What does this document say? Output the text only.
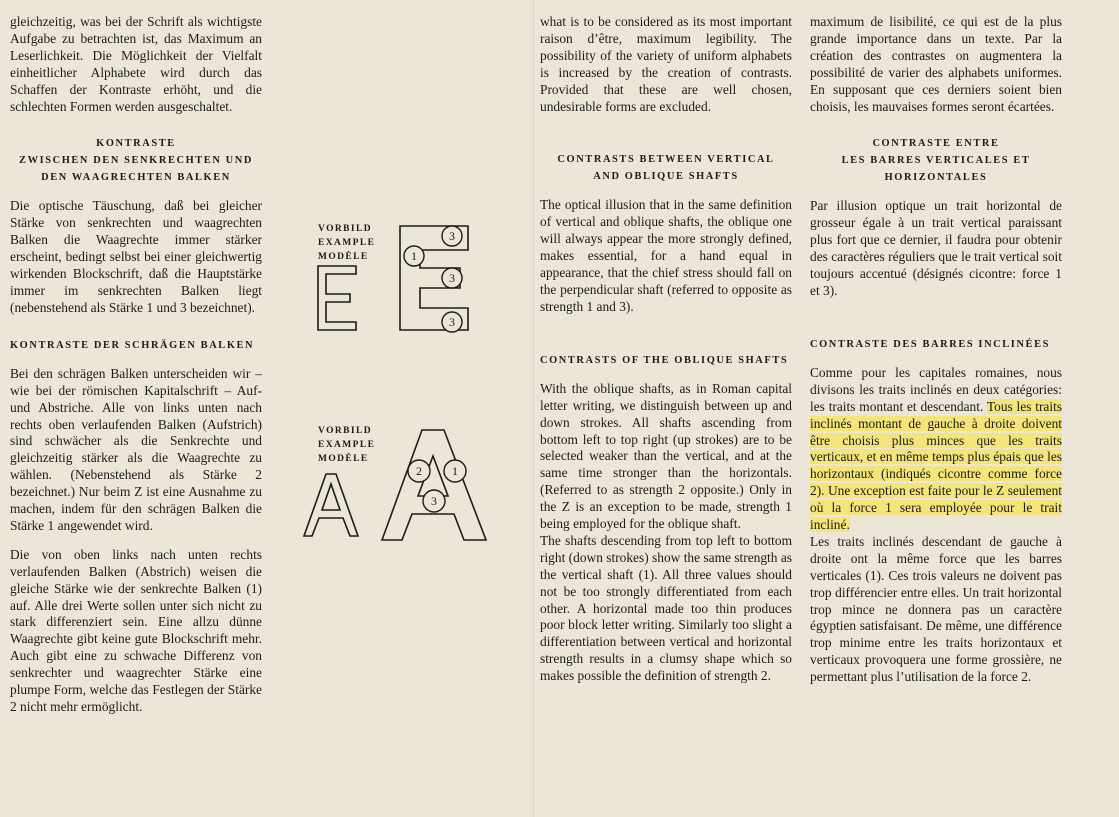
gleichzeitig, was bei der Schrift als wichtigste Aufgabe zu betrachten ist, das Maximum an Leserlichkeit. Die Möglichkeit der Vielfalt einheitlicher Alphabete wird durch das Schaffen der Kontraste erhöht, und die schlechten Formen werden ausgeschaltet.

KONTRASTE
ZWISCHEN DEN SENKRECHTEN UND
DEN WAAGRECHTEN BALKEN

Die optische Täuschung, daß bei gleicher Stärke von senkrechten und waagrechten Balken die Waagrechte immer stärker erscheint, bedingt selbst bei einer gleichwertig wirkenden Blockschrift, daß die Hauptstärke immer im senkrechten Balken liegt (nebenstehend als Stärke 1 und 3 bezeichnet).

KONTRASTE DER SCHRÄGEN BALKEN

Bei den schrägen Balken unterscheiden wir – wie bei der römischen Kapitalschrift – Auf- und Abstriche. Alle von links unten nach rechts oben verlaufenden Balken (Aufstrich) sind schwächer als die Senkrechte und gleichzeitig stärker als die Waagrechte zu wählen. (Nebenstehend als Stärke 2 bezeichnet.) Nur beim Z ist eine Ausnahme zu machen, indem für den schrägen Balken die Stärke 1 angewendet wird.

Die von oben links nach unten rechts verlaufenden Balken (Abstrich) weisen die gleiche Stärke wie der senkrechte Balken (1) auf. Alle drei Werte sollen unter sich nicht zu stark differenziert sein. Eine allzu dünne Waagrechte gibt keine gute Blockschrift mehr. Auch gibt eine zu schwache Differenz von senkrechter und waagrechter Stärke eine plumpe Form, welche das Festlegen der Stärke 2 nicht mehr ermöglicht.

VORBILD
EXAMPLE
MODÈLE	1
3
3
3
VORBILD
EXAMPLE
MODÈLE
2	1
3

what is to be considered as its most important raison d’être, maximum legibility. The possibility of the variety of uniform alphabets is increased by the creation of contrasts. Provided that these are well chosen, undesirable forms are excluded.

CONTRASTS BETWEEN VERTICAL
AND OBLIQUE SHAFTS

The optical illusion that in the same definition of vertical and oblique shafts, the oblique one will always appear the more strongly defined, makes essential, for a hand equal in appearance, that the chief stress should fall on the perpendicular shaft (referred to opposite as strength 1 and 3).

CONTRASTS OF THE OBLIQUE SHAFTS

With the oblique shafts, as in Roman capital letter writing, we distinguish between up and down strokes. All shafts ascending from bottom left to top right (up strokes) are to be selected weaker than the vertical, and at the same time stronger than the horizontals. (Referred to as strength 2 opposite.) Only in the Z is an exception to be made, strength 1 being employed for the oblique shaft.

The shafts descending from top left to bottom right (down strokes) show the same strength as the vertical shaft (1). All three values should not be too strongly differentiated from each other. A horizontal made too thin produces poor block letter writing. Similarly too slight a differentiation between vertical and horizontal strength results in a clumsy shape which so makes possible the definition of strength 2.

maximum de lisibilité, ce qui est de la plus grande importance dans un texte. Par la création des contrastes on augmentera la possibilité de varier des alphabets uniformes. En supposant que ces derniers soient bien choisis, les mauvaises formes seront écartées.

CONTRASTE ENTRE
LES BARRES VERTICALES ET
HORIZONTALES

Par illusion optique un trait horizontal de grosseur égale à un trait vertical paraissant plus fort que ce dernier, il faudra pour obtenir des caractères réguliers que le trait vertical soit toujours accentué (désignés cicontre: force 1 et 3).

CONTRASTE DES BARRES INCLINÉES

Comme pour les capitales romaines, nous divisons les traits inclinés en deux catégories: les traits montant et descendant. Tous les traits inclinés montant de gauche à droite doivent être choisis plus minces que les traits verticaux, et en même temps plus épais que les horizontaux (indiqués cicontre comme force 2). Une exception est faite pour le Z seulement où la force 1 sera employée pour le trait incliné.

Les traits inclinés descendant de gauche à droite ont la même force que les barres verticales (1). Ces trois valeurs ne doivent pas trop différencier entre elles. Un trait horizontal trop mince ne donnera pas un caractère égyptien satisfaisant. De même, une différence trop minime entre les traits horizontaux et verticaux provoquera une forme grossière, ne permettant plus l’utilisation de la force 2.
